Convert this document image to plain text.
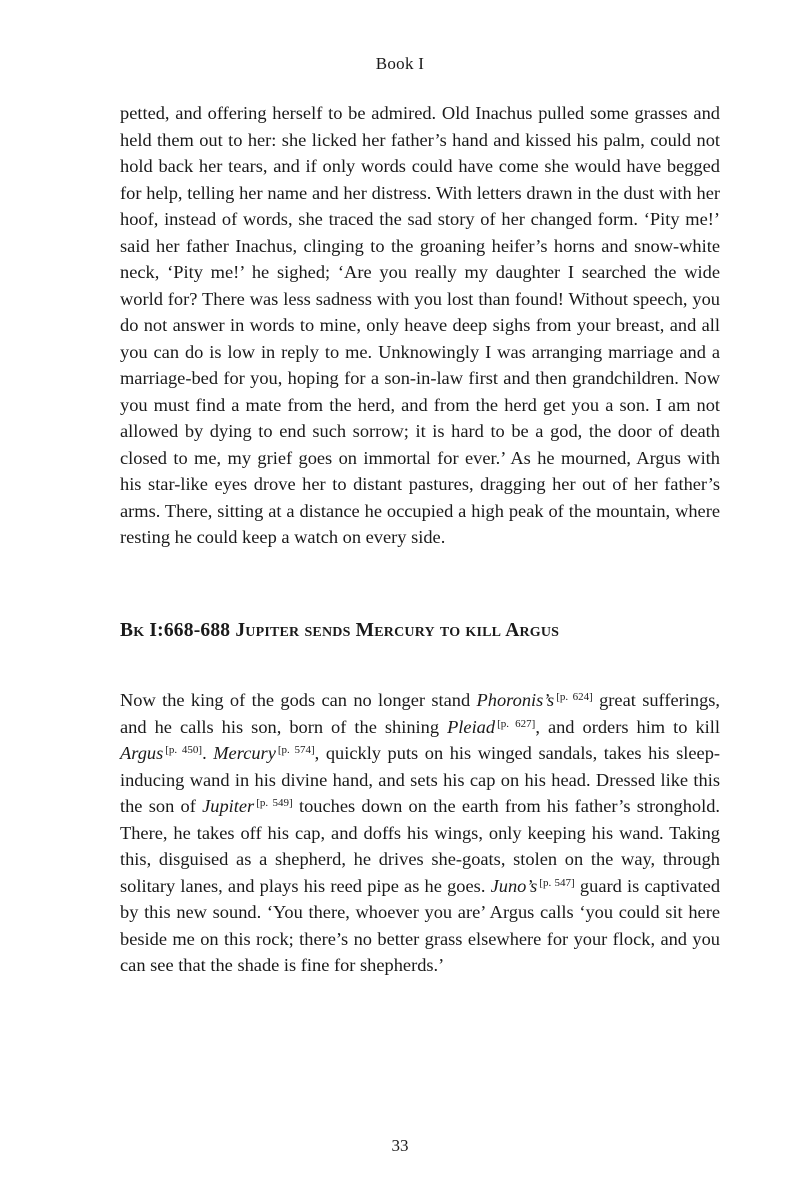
Book I

petted, and offering herself to be admired. Old Inachus pulled some grasses and held them out to her: she licked her father’s hand and kissed his palm, could not hold back her tears, and if only words could have come she would have begged for help, telling her name and her distress. With letters drawn in the dust with her hoof, instead of words, she traced the sad story of her changed form. ‘Pity me!’ said her father Inachus, clinging to the groaning heifer’s horns and snow-white neck, ‘Pity me!’ he sighed; ‘Are you really my daughter I searched the wide world for? There was less sadness with you lost than found! Without speech, you do not answer in words to mine, only heave deep sighs from your breast, and all you can do is low in reply to me. Unknowingly I was arranging marriage and a marriage-bed for you, hoping for a son-in-law first and then grandchildren. Now you must find a mate from the herd, and from the herd get you a son. I am not allowed by dying to end such sorrow; it is hard to be a god, the door of death closed to me, my grief goes on immortal for ever.’ As he mourned, Argus with his star-like eyes drove her to distant pastures, dragging her out of her father’s arms. There, sitting at a distance he occupied a high peak of the mountain, where resting he could keep a watch on every side.

Bk I:668-688 Jupiter sends Mercury to kill Argus

Now the king of the gods can no longer stand Phoronis’s [p. 624] great sufferings, and he calls his son, born of the shining Pleiad [p. 627], and orders him to kill Argus [p. 450]. Mercury [p. 574], quickly puts on his winged sandals, takes his sleep-inducing wand in his divine hand, and sets his cap on his head. Dressed like this the son of Jupiter [p. 549] touches down on the earth from his father’s stronghold. There, he takes off his cap, and doffs his wings, only keeping his wand. Taking this, disguised as a shepherd, he drives she-goats, stolen on the way, through solitary lanes, and plays his reed pipe as he goes. Juno’s [p. 547] guard is captivated by this new sound. ‘You there, whoever you are’ Argus calls ‘you could sit here beside me on this rock; there’s no better grass elsewhere for your flock, and you can see that the shade is fine for shepherds.’

33
